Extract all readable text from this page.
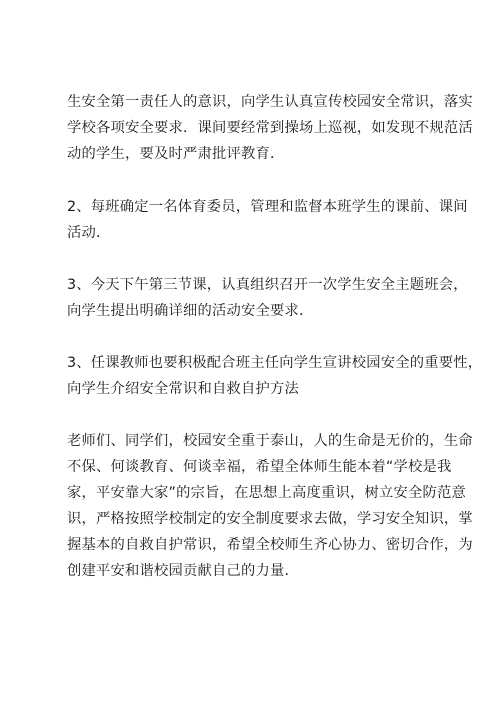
生安全第一责任人的意识，向学生认真宣传校园安全常识，落实
学校各项安全要求．课间要经常到操场上巡视，如发现不规范活
动的学生，要及时严肃批评教育．
2、每班确定一名体育委员，管理和监督本班学生的课前、课间
活动．
3、今天下午第三节课，认真组织召开一次学生安全主题班会，
向学生提出明确详细的活动安全要求．
3、任课教师也要积极配合班主任向学生宣讲校园安全的重要性，
向学生介绍安全常识和自救自护方法
老师们、同学们，校园安全重于泰山，人的生命是无价的，生命
不保、何谈教育、何谈幸福，希望全体师生能本着“学校是我
家，平安靠大家”的宗旨，在思想上高度重识，树立安全防范意
识，严格按照学校制定的安全制度要求去做，学习安全知识，掌
握基本的自救自护常识，希望全校师生齐心协力、密切合作，为
创建平安和谐校园贡献自己的力量.
